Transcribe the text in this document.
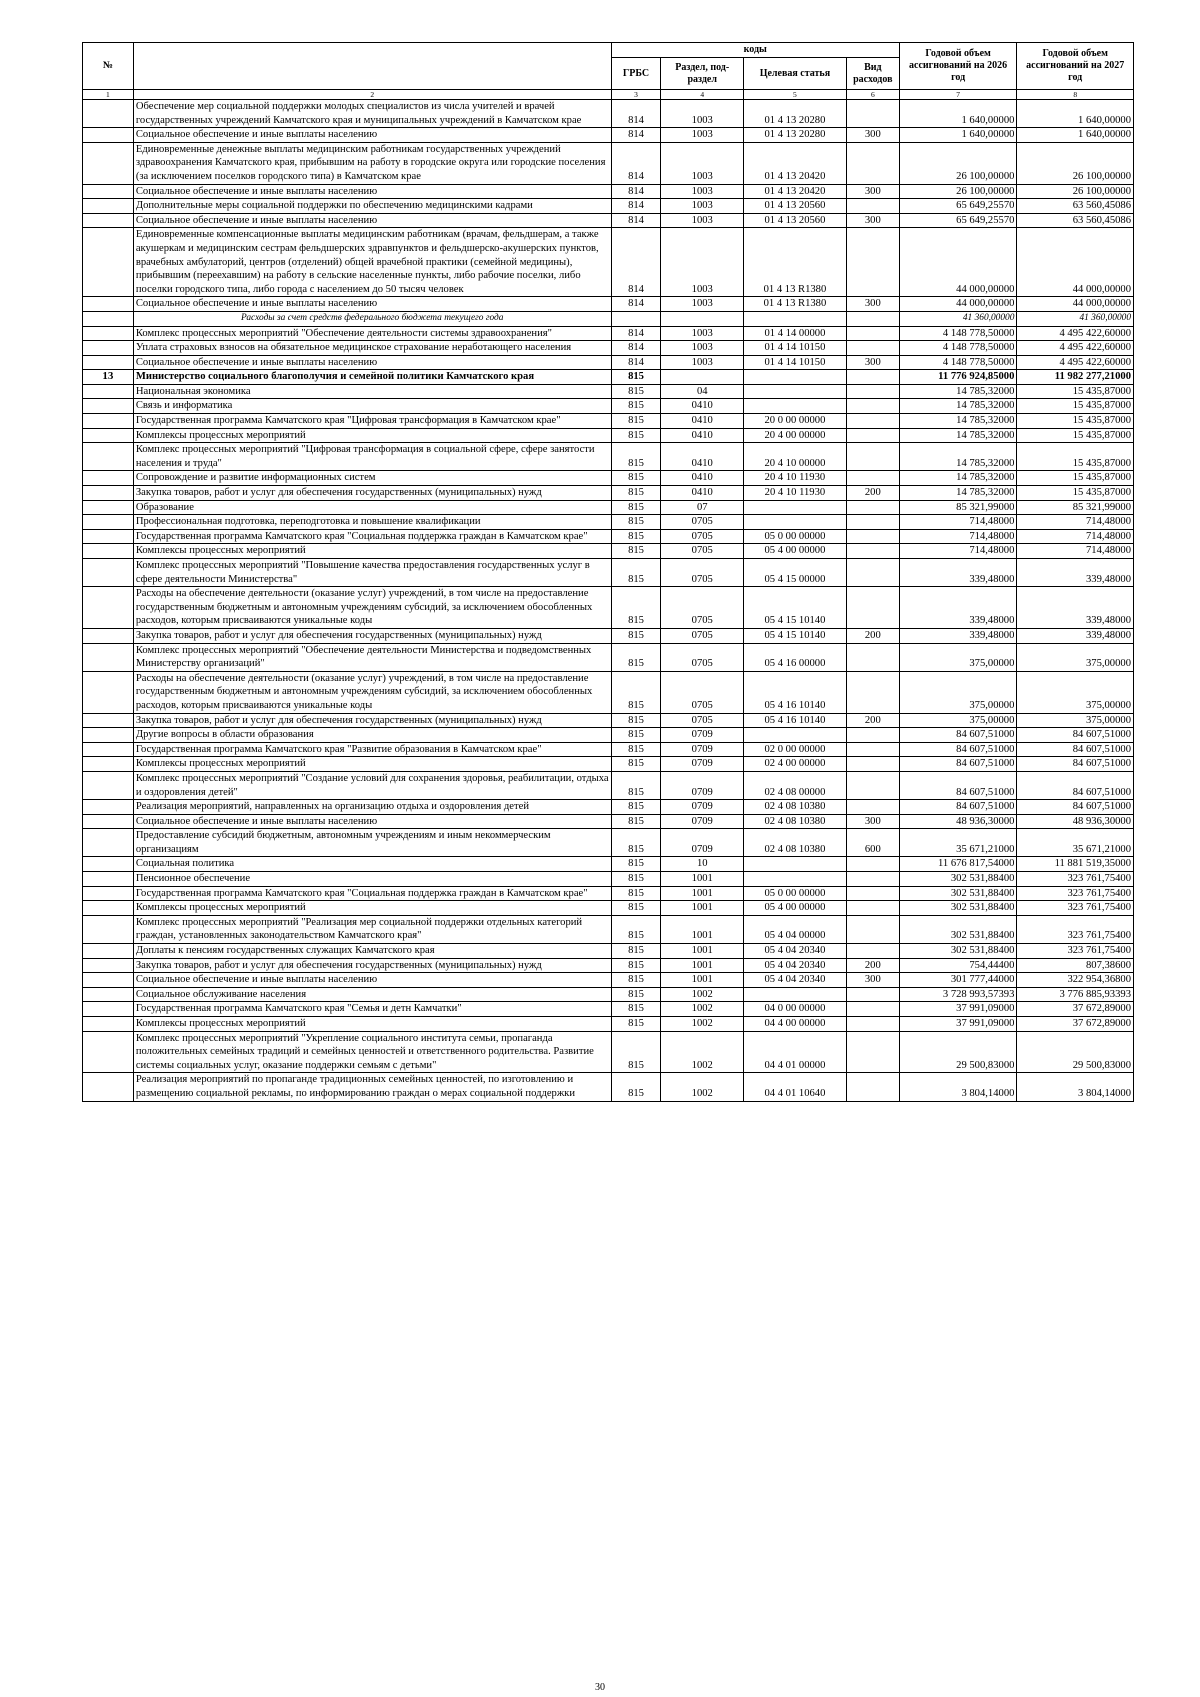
№		коды				Годовой объем ассигнований на 2026 год	Годовой объем ассигнований на 2027 год
		ГРБС	Раздел, под-раздел	Целевая статья	Вид расходов		
1	2	3	4	5	6	7	8
	Обеспечение мер социальной поддержки молодых специалистов из числа учителей и врачей государственных учреждений Камчатского края и муниципальных учреждений в Камчатском крае	814	1003	01 4 13 20280		1 640,00000	1 640,00000
	Социальное обеспечение и иные выплаты населению	814	1003	01 4 13 20280	300	1 640,00000	1 640,00000
	Единовременные денежные выплаты медицинским работникам государственных учреждений здравоохранения Камчатского края, прибывшим на работу в городские округа или городские поселения (за исключением поселков городского типа) в Камчатском крае	814	1003	01 4 13 20420		26 100,00000	26 100,00000
	Социальное обеспечение и иные выплаты населению	814	1003	01 4 13 20420	300	26 100,00000	26 100,00000
	Дополнительные меры социальной поддержки по обеспечению медицинскими кадрами	814	1003	01 4 13 20560		65 649,25570	63 560,45086
	Социальное обеспечение и иные выплаты населению	814	1003	01 4 13 20560	300	65 649,25570	63 560,45086
	Единовременные компенсационные выплаты медицинским работникам (врачам, фельдшерам, а также акушеркам и медицинским сестрам фельдшерских здравпунктов и фельдшерско-акушерских пунктов, врачебных амбулаторий, центров (отделений) общей врачебной практики (семейной медицины), прибывшим (переехавшим) на работу в сельские населенные пункты, либо рабочие поселки, либо поселки городского типа, либо города с населением до 50 тысяч человек	814	1003	01 4 13 R1380		44 000,00000	44 000,00000
	Социальное обеспечение и иные выплаты населению	814	1003	01 4 13 R1380	300	44 000,00000	44 000,00000
	Расходы за счет средств федерального бюджета текущего года					41 360,00000	41 360,00000
	Комплекс процессных мероприятий "Обеспечение деятельности системы здравоохранения"	814	1003	01 4 14 00000		4 148 778,50000	4 495 422,60000
	Уплата страховых взносов на обязательное медицинское страхование неработающего населения	814	1003	01 4 14 10150		4 148 778,50000	4 495 422,60000
	Социальное обеспечение и иные выплаты населению	814	1003	01 4 14 10150	300	4 148 778,50000	4 495 422,60000
13	Министерство социального благополучия и семейной политики Камчатского края	815				11 776 924,85000	11 982 277,21000
	Национальная экономика	815	04			14 785,32000	15 435,87000
	Связь и информатика	815	0410			14 785,32000	15 435,87000
	Государственная программа Камчатского края "Цифровая трансформация в Камчатском крае"	815	0410	20 0 00 00000		14 785,32000	15 435,87000
	Комплексы процессных мероприятий	815	0410	20 4 00 00000		14 785,32000	15 435,87000
	Комплекс процессных мероприятий "Цифровая трансформация в социальной сфере, сфере занятости населения и труда"	815	0410	20 4 10 00000		14 785,32000	15 435,87000
	Сопровождение и развитие информационных систем	815	0410	20 4 10 11930		14 785,32000	15 435,87000
	Закупка товаров, работ и услуг для обеспечения государственных (муниципальных) нужд	815	0410	20 4 10 11930	200	14 785,32000	15 435,87000
	Образование	815	07			85 321,99000	85 321,99000
	Профессиональная подготовка, переподготовка и повышение квалификации	815	0705			714,48000	714,48000
	Государственная программа Камчатского края "Социальная поддержка граждан в Камчатском крае"	815	0705	05 0 00 00000		714,48000	714,48000
	Комплексы процессных мероприятий	815	0705	05 4 00 00000		714,48000	714,48000
	Комплекс процессных мероприятий "Повышение качества предоставления государственных услуг в сфере деятельности Министерства"	815	0705	05 4 15 00000		339,48000	339,48000
	Расходы на обеспечение деятельности (оказание услуг) учреждений, в том числе на предоставление государственным бюджетным и автономным учреждениям субсидий, за исключением обособленных расходов, которым присваиваются уникальные коды	815	0705	05 4 15 10140		339,48000	339,48000
	Закупка товаров, работ и услуг для обеспечения государственных (муниципальных) нужд	815	0705	05 4 15 10140	200	339,48000	339,48000
	Комплекс процессных мероприятий "Обеспечение деятельности Министерства и подведомственных Министерству организаций"	815	0705	05 4 16 00000		375,00000	375,00000
	Расходы на обеспечение деятельности (оказание услуг) учреждений, в том числе на предоставление государственным бюджетным и автономным учреждениям субсидий, за исключением обособленных расходов, которым присваиваются уникальные коды	815	0705	05 4 16 10140		375,00000	375,00000
	Закупка товаров, работ и услуг для обеспечения государственных (муниципальных) нужд	815	0705	05 4 16 10140	200	375,00000	375,00000
	Другие вопросы в области образования	815	0709			84 607,51000	84 607,51000
	Государственная программа Камчатского края "Развитие образования в Камчатском крае"	815	0709	02 0 00 00000		84 607,51000	84 607,51000
	Комплексы процессных мероприятий	815	0709	02 4 00 00000		84 607,51000	84 607,51000
	Комплекс процессных мероприятий "Создание условий для сохранения здоровья, реабилитации, отдыха и оздоровления детей"	815	0709	02 4 08 00000		84 607,51000	84 607,51000
	Реализация мероприятий, направленных на организацию отдыха и оздоровления детей	815	0709	02 4 08 10380		84 607,51000	84 607,51000
	Социальное обеспечение и иные выплаты населению	815	0709	02 4 08 10380	300	48 936,30000	48 936,30000
	Предоставление субсидий бюджетным, автономным учреждениям и иным некоммерческим организациям	815	0709	02 4 08 10380	600	35 671,21000	35 671,21000
	Социальная политика	815	10			11 676 817,54000	11 881 519,35000
	Пенсионное обеспечение	815	1001			302 531,88400	323 761,75400
	Государственная программа Камчатского края "Социальная поддержка граждан в Камчатском крае"	815	1001	05 0 00 00000		302 531,88400	323 761,75400
	Комплексы процессных мероприятий	815	1001	05 4 00 00000		302 531,88400	323 761,75400
	Комплекс процессных мероприятий "Реализация мер социальной поддержки отдельных категорий граждан, установленных законодательством Камчатского края"	815	1001	05 4 04 00000		302 531,88400	323 761,75400
	Доплаты к пенсиям государственных служащих Камчатского края	815	1001	05 4 04 20340		302 531,88400	323 761,75400
	Закупка товаров, работ и услуг для обеспечения государственных (муниципальных) нужд	815	1001	05 4 04 20340	200	754,44400	807,38600
	Социальное обеспечение и иные выплаты населению	815	1001	05 4 04 20340	300	301 777,44000	322 954,36800
	Социальное обслуживание населения	815	1002			3 728 993,57393	3 776 885,93393
	Государственная программа Камчатского края "Семья и детн Камчатки"	815	1002	04 0 00 00000		37 991,09000	37 672,89000
	Комплексы процессных мероприятий	815	1002	04 4 00 00000		37 991,09000	37 672,89000
	Комплекс процессных мероприятий "Укрепление социального института семьи, пропаганда положительных семейных традиций и семейных ценностей и ответственного родительства. Развитие системы социальных услуг, оказание поддержки семьям с детьми"	815	1002	04 4 01 00000		29 500,83000	29 500,83000
	Реализация мероприятий по пропаганде традиционных семейных ценностей, по изготовлению и размещению социальной рекламы, по информированию граждан о мерах социальной поддержки	815	1002	04 4 01 10640		3 804,14000	3 804,14000
30
